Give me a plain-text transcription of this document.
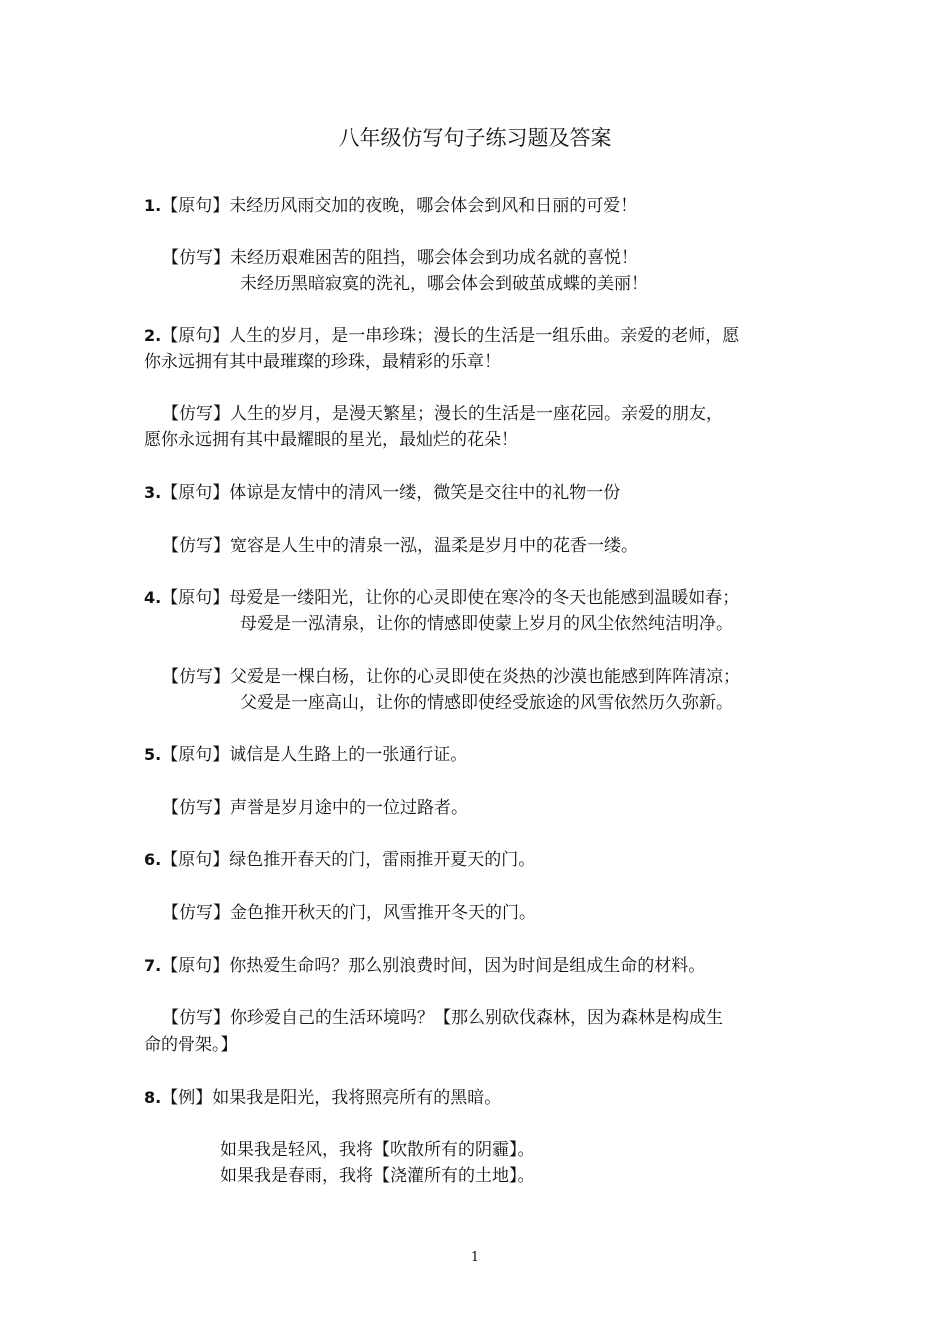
八年级仿写句子练习题及答案
1.【原句】未经历风雨交加的夜晚，哪会体会到风和日丽的可爱！
【仿写】未经历艰难困苦的阻挡，哪会体会到功成名就的喜悦！
未经历黑暗寂寞的洗礼，哪会体会到破茧成蝶的美丽！
2.【原句】人生的岁月，是一串珍珠；漫长的生活是一组乐曲。亲爱的老师，愿
你永远拥有其中最璀璨的珍珠，最精彩的乐章！
【仿写】人生的岁月，是漫天繁星；漫长的生活是一座花园。亲爱的朋友，
愿你永远拥有其中最耀眼的星光，最灿烂的花朵！
3.【原句】体谅是友情中的清风一缕，微笑是交往中的礼物一份
【仿写】宽容是人生中的清泉一泓，温柔是岁月中的花香一缕。
4.【原句】母爱是一缕阳光，让你的心灵即使在寒冷的冬天也能感到温暖如春；
母爱是一泓清泉，让你的情感即使蒙上岁月的风尘依然纯洁明净。
【仿写】父爱是一棵白杨，让你的心灵即使在炎热的沙漠也能感到阵阵清凉；
父爱是一座高山，让你的情感即使经受旅途的风雪依然历久弥新。
5.【原句】诚信是人生路上的一张通行证。
【仿写】声誉是岁月途中的一位过路者。
6.【原句】绿色推开春天的门，雷雨推开夏天的门。
【仿写】金色推开秋天的门，风雪推开冬天的门。
7.【原句】你热爱生命吗？那么别浪费时间，因为时间是组成生命的材料。
【仿写】你珍爱自己的生活环境吗？【那么别砍伐森林，因为森林是构成生
命的骨架。】
8.【例】如果我是阳光，我将照亮所有的黑暗。
如果我是轻风，我将【吹散所有的阴霾】。
如果我是春雨，我将【浇灌所有的土地】。
1
